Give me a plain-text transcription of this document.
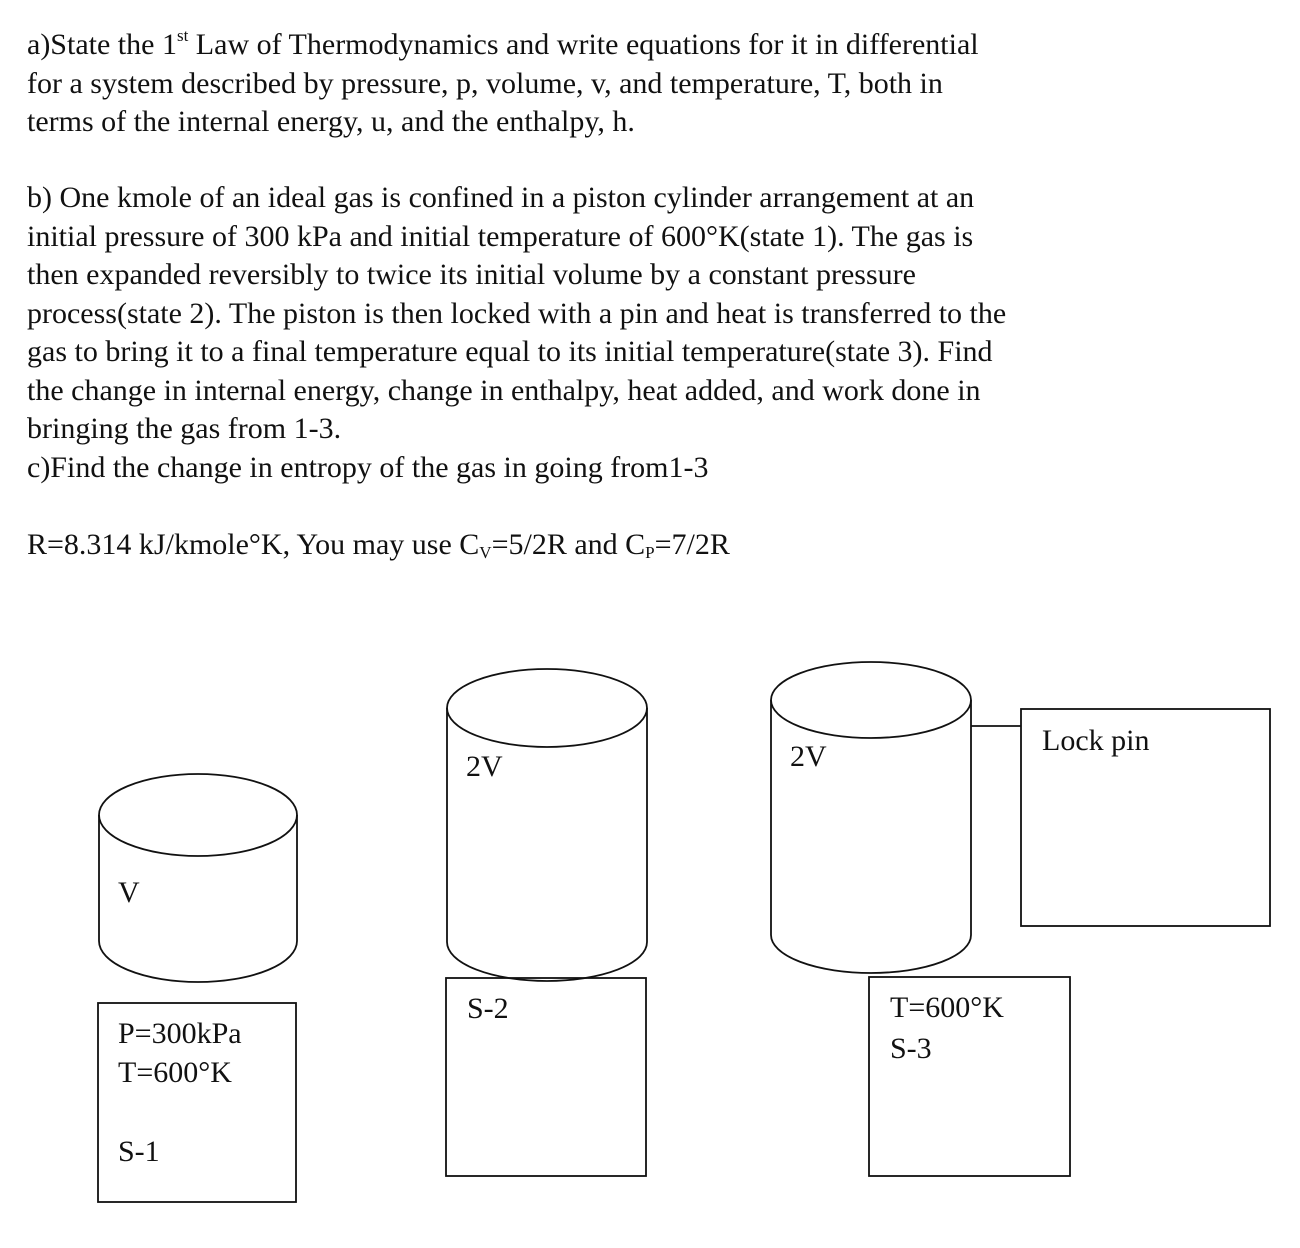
a)State the 1st Law of Thermodynamics and write equations for it in differential
for a system described by pressure, p, volume, v, and temperature, T, both in
terms of the internal energy, u, and the enthalpy, h.
b) One kmole of an ideal gas is confined in a piston cylinder arrangement at an
initial pressure of 300 kPa and initial temperature of 600°K(state 1). The gas is
then expanded reversibly to twice its initial volume by a constant pressure
process(state 2). The piston is then locked with a pin and heat is transferred to the
gas to bring it to a final temperature equal to its initial temperature(state 3). Find
the change in internal energy, change in enthalpy, heat added, and work done in
bringing the gas from 1-3.
c)Find the change in entropy of the gas in going from1-3
R=8.314 kJ/kmole°K, You may use $C_V=5/2R$ and $C_P=7/2R$
V
P=300kPa
T=600°K
S-1
2V
S-2
2V
T=600°K
S-3
Lock pin
